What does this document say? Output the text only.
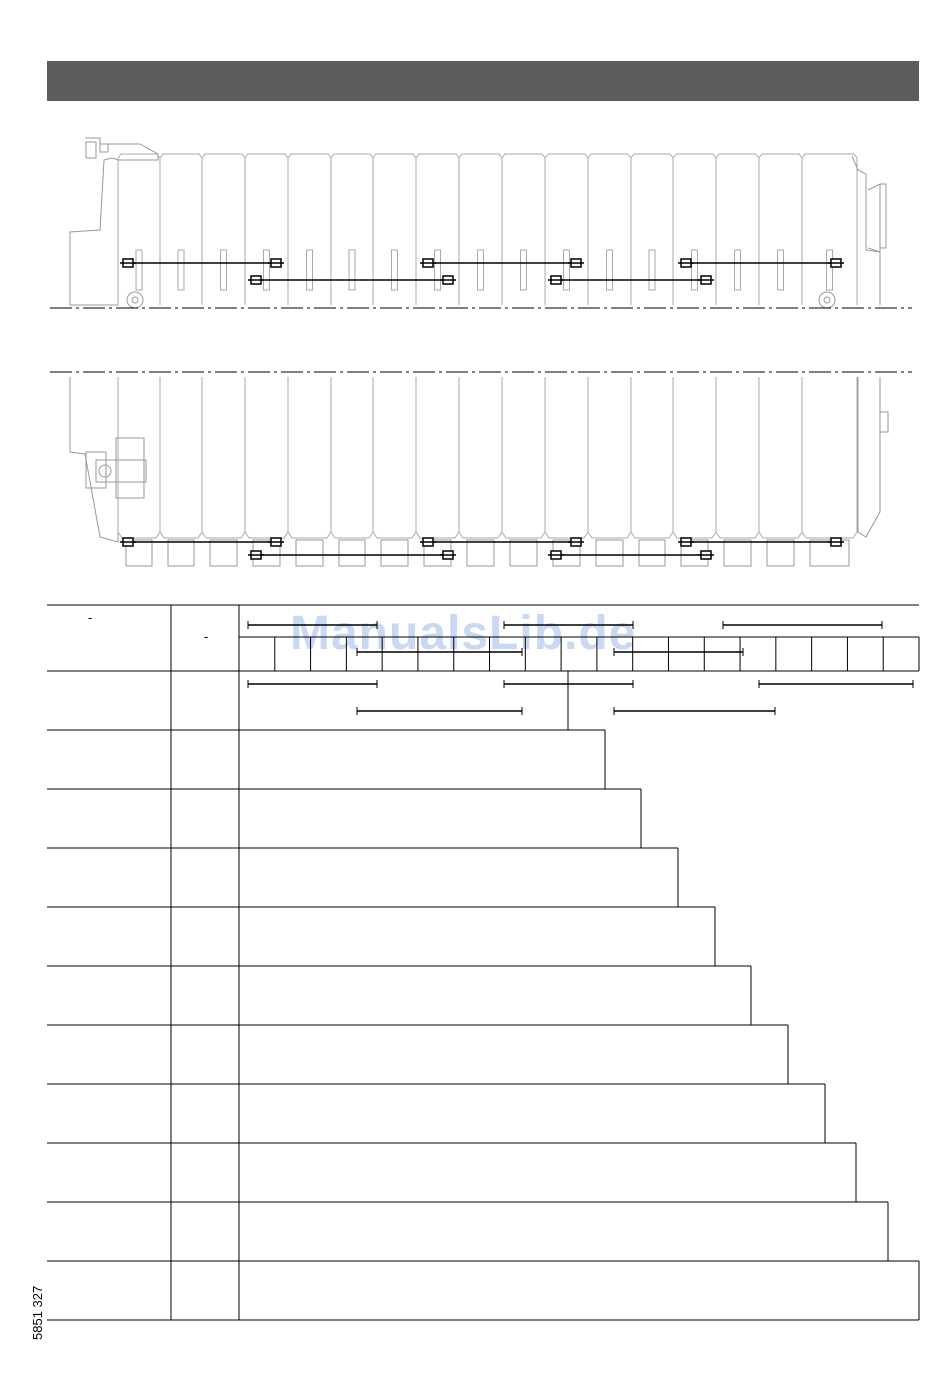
ManualsLib.de
-
-
5851 327
